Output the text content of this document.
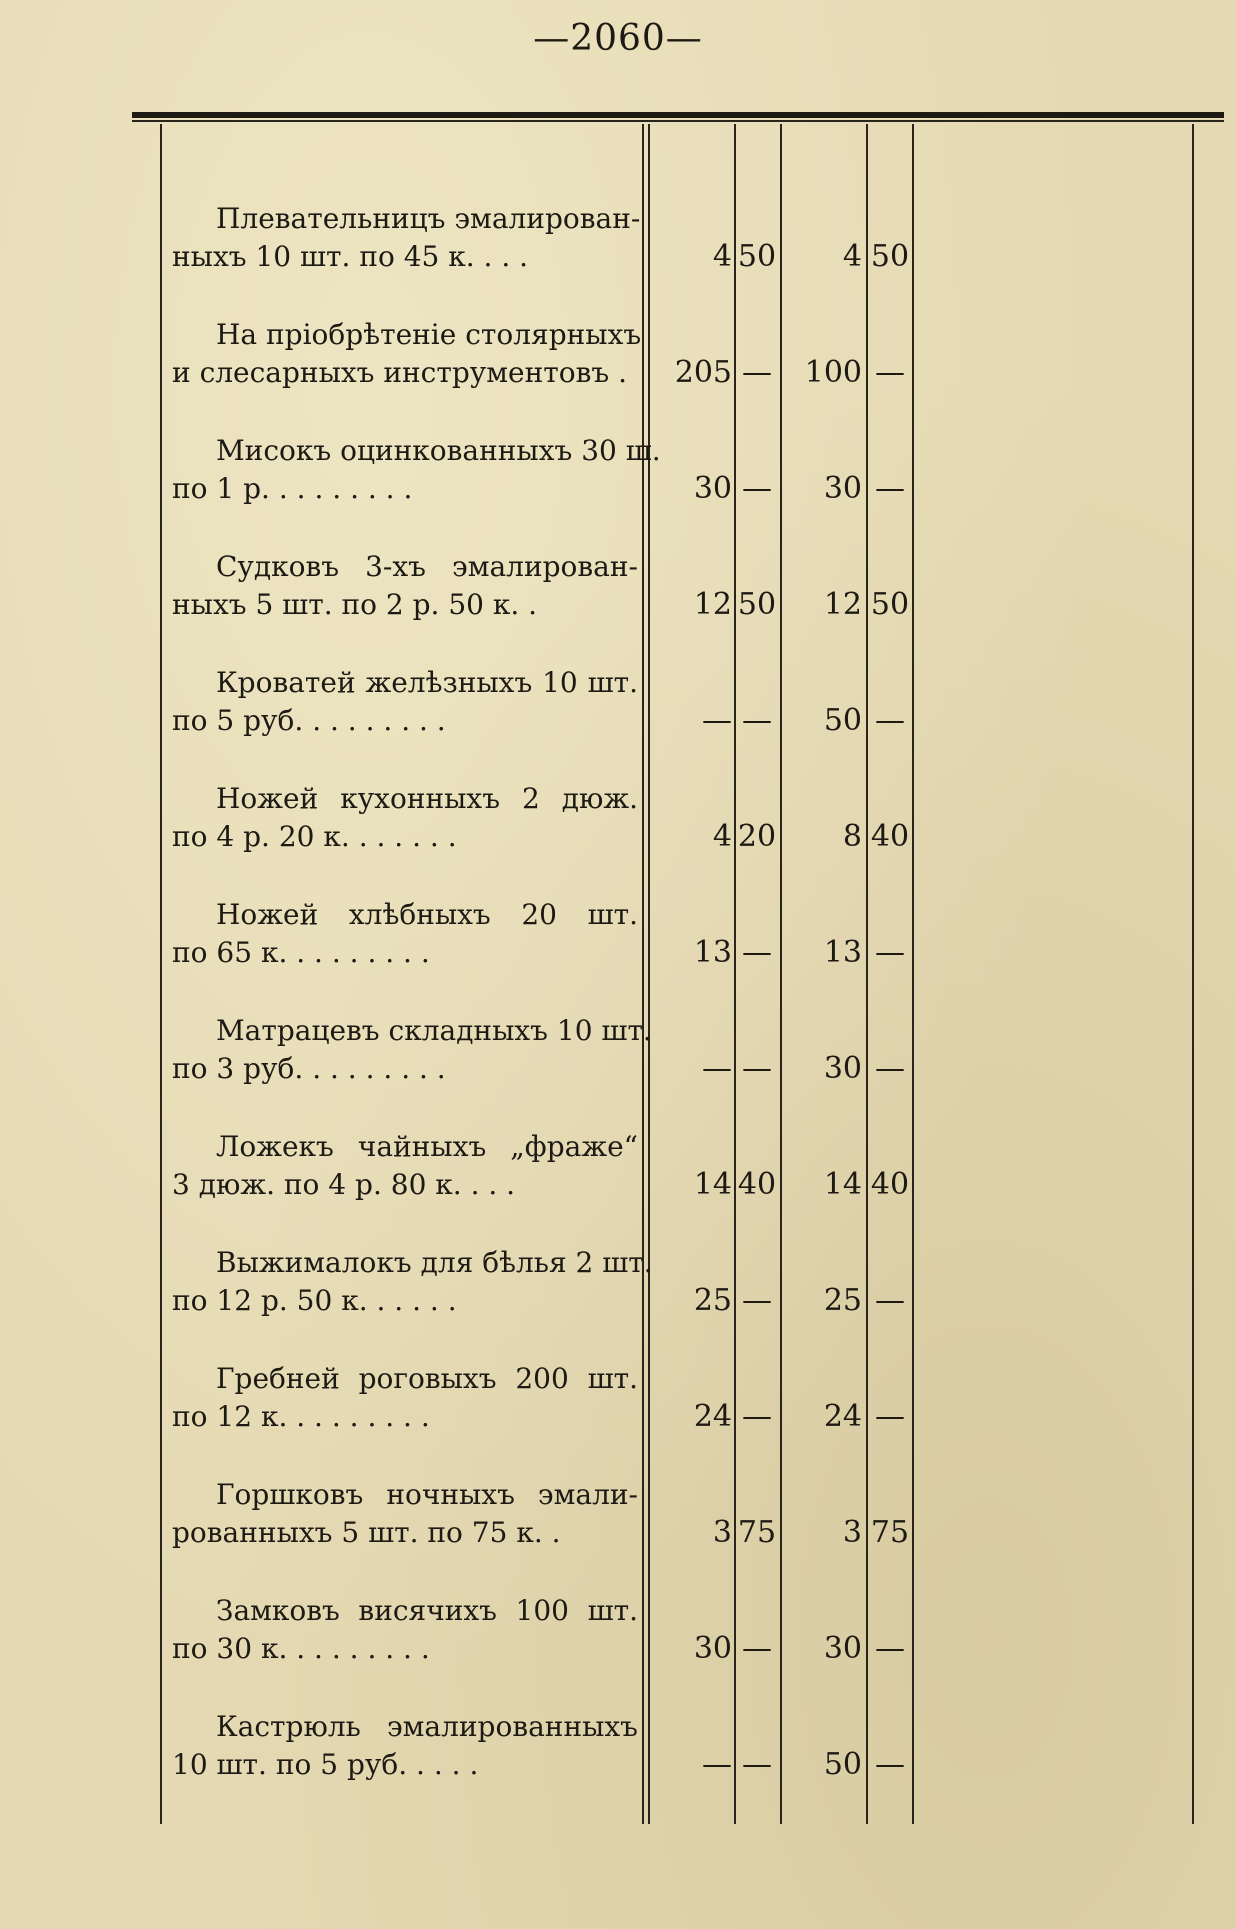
—2060—
Плевательницъ эмалирован-
ныхъ 10 шт. по 45 к. . . .	4 50	4 50
На пріобрѣтеніе столярныхъ
и слесарныхъ инструментовъ .	205 —	100 —
Мисокъ оцинкованныхъ 30 ш.
по 1 р. . . . . . . . .	30 —	30 —
Судковъ 3-хъ эмалирован-
ныхъ 5 шт. по 2 р. 50 к. .	12 50	12 50
Кроватей желѣзныхъ 10 шт.
по 5 руб. . . . . . . . .	— —	50 —
Ножей кухонныхъ 2 дюж.
по 4 р. 20 к. . . . . . .	4 20	8 40
Ножей хлѣбныхъ 20 шт.
по 65 к. . . . . . . . .	13 —	13 —
Матрацевъ складныхъ 10 шт.
по 3 руб. . . . . . . . .	— —	30 —
Ложекъ чайныхъ „фраже“
3 дюж. по 4 р. 80 к. . . .	14 40	14 40
Выжималокъ для бѣлья 2 шт.
по 12 р. 50 к. . . . . .	25 —	25 —
Гребней роговыхъ 200 шт.
по 12 к. . . . . . . . .	24 —	24 —
Горшковъ ночныхъ эмали-
рованныхъ 5 шт. по 75 к. .	3 75	3 75
Замковъ висячихъ 100 шт.
по 30 к. . . . . . . . .	30 —	30 —
Кастрюль эмалированныхъ
10 шт. по 5 руб. . . . .	— —	50 —
